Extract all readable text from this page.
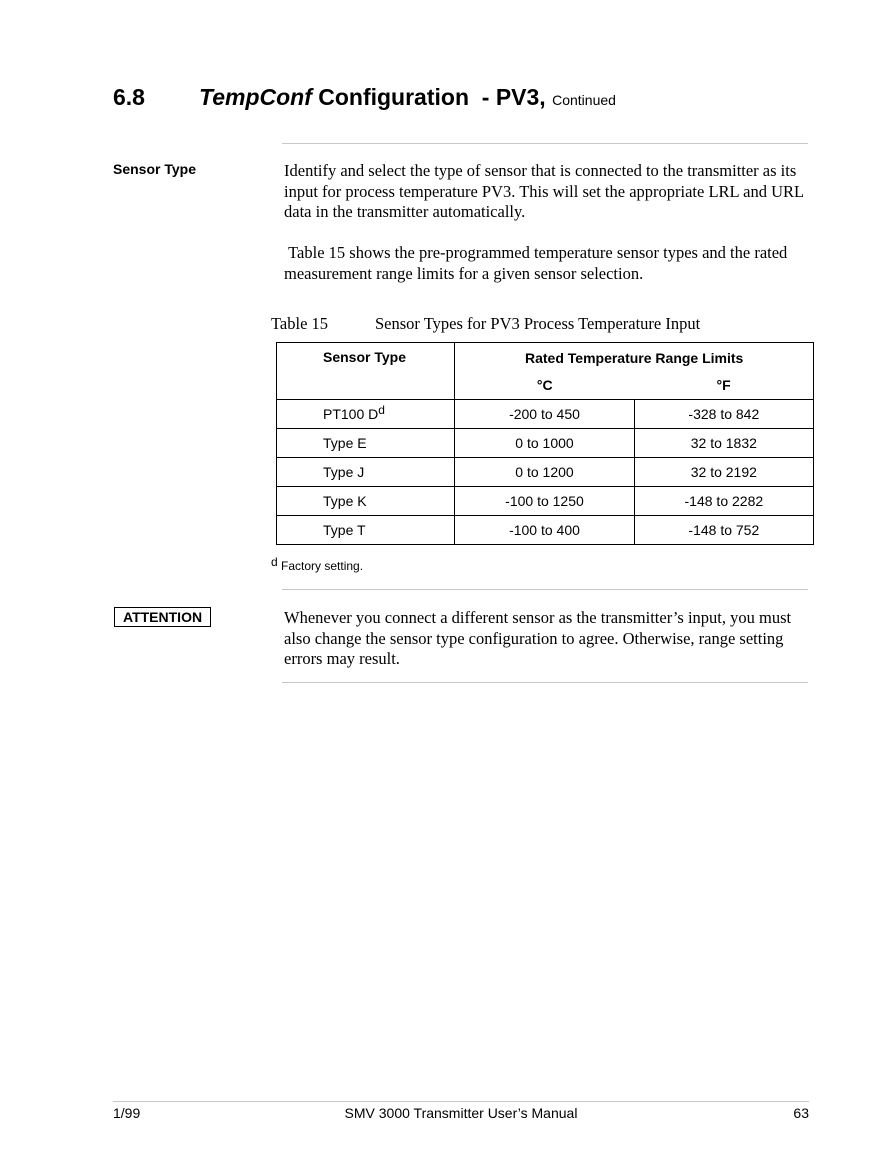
6.8 TempConf Configuration  - PV3, Continued
Sensor Type	Identify and select the type of sensor that is connected to the transmitter as its input for process temperature PV3. This will set the appropriate LRL and URL data in the transmitter automatically.
Table 15 shows the pre-programmed temperature sensor types and the rated measurement range limits for a given sensor selection.
Table 15	Sensor Types for PV3 Process Temperature Input
Sensor Type	Rated Temperature Range Limits	
	°C	°F
PT100 D$^d$	-200 to 450	-328 to 842
Type E	0 to 1000	32 to 1832
Type J	0 to 1200	32 to 2192
Type K	-100 to 1250	-148 to 2282
Type T	-100 to 400	-148 to 752
$^d$ Factory setting.
ATTENTION	Whenever you connect a different sensor as the transmitter’s input, you must also change the sensor type configuration to agree. Otherwise, range setting errors may result.
1/99	SMV 3000 Transmitter User’s Manual	63
